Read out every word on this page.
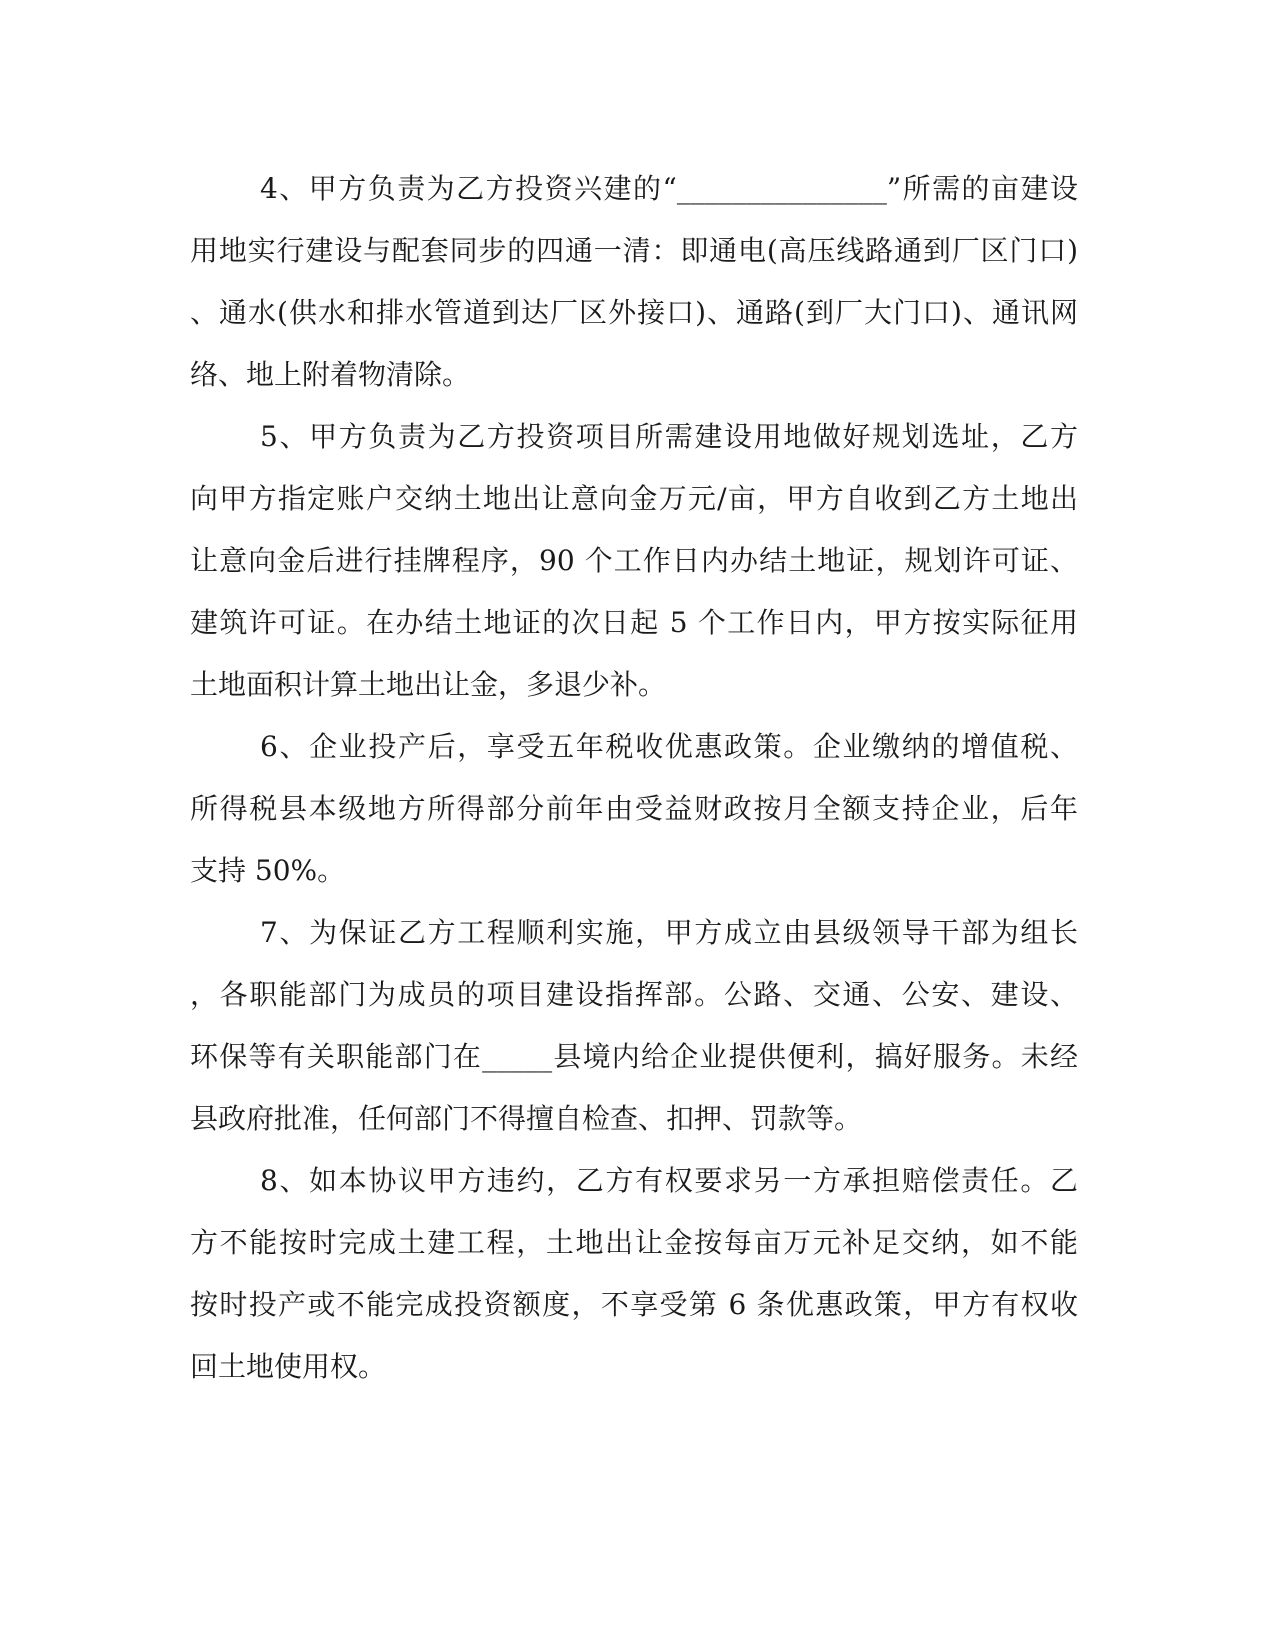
4、甲方负责为乙方投资兴建的“_______________”所需的亩建设
用地实行建设与配套同步的四通一清：即通电(高压线路通到厂区门口)
、通水(供水和排水管道到达厂区外接口)、通路(到厂大门口)、通讯网
络、地上附着物清除。
5、甲方负责为乙方投资项目所需建设用地做好规划选址，乙方
向甲方指定账户交纳土地出让意向金万元/亩，甲方自收到乙方土地出
让意向金后进行挂牌程序，90 个工作日内办结土地证，规划许可证、
建筑许可证。在办结土地证的次日起 5 个工作日内，甲方按实际征用
土地面积计算土地出让金，多退少补。
6、企业投产后，享受五年税收优惠政策。企业缴纳的增值税、
所得税县本级地方所得部分前年由受益财政按月全额支持企业，后年
支持 50%。
7、为保证乙方工程顺利实施，甲方成立由县级领导干部为组长
，各职能部门为成员的项目建设指挥部。公路、交通、公安、建设、
环保等有关职能部门在_____县境内给企业提供便利，搞好服务。未经
县政府批准，任何部门不得擅自检查、扣押、罚款等。
8、如本协议甲方违约，乙方有权要求另一方承担赔偿责任。乙
方不能按时完成土建工程，土地出让金按每亩万元补足交纳，如不能
按时投产或不能完成投资额度，不享受第 6 条优惠政策，甲方有权收
回土地使用权。
